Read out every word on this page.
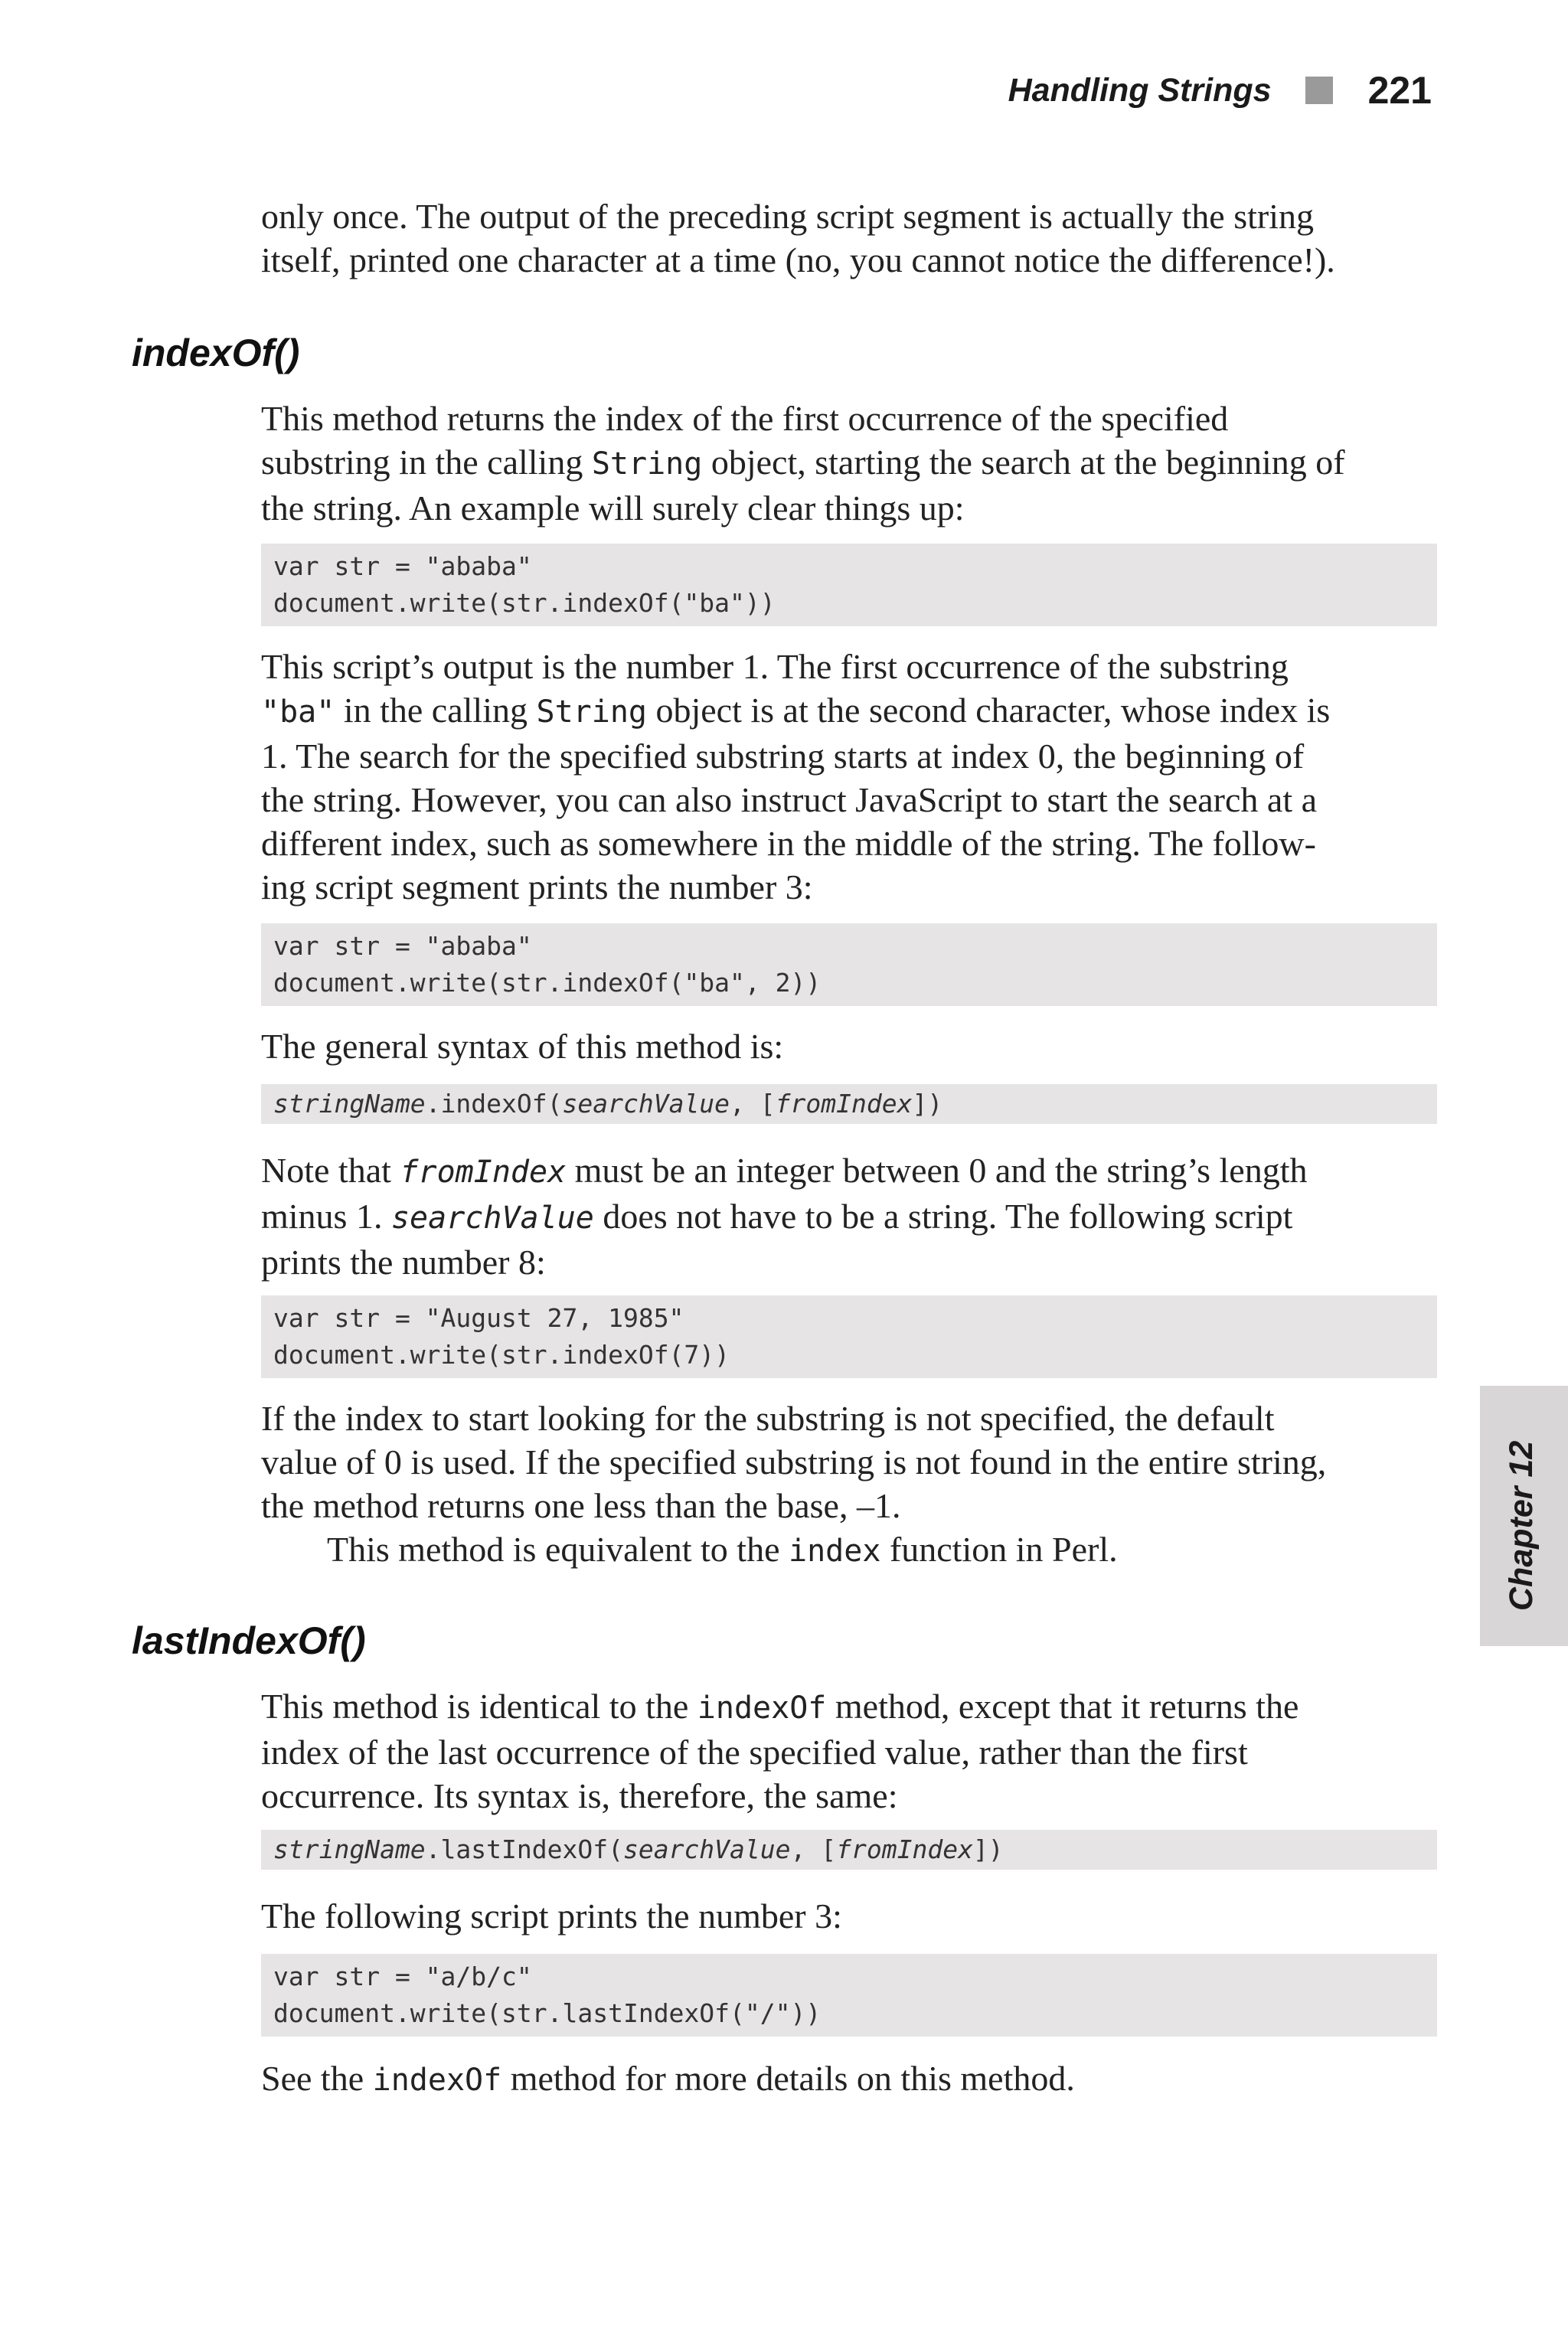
Handling Strings	221

only once. The output of the preceding script segment is actually the string
itself, printed one character at a time (no, you cannot notice the difference!).

indexOf()

This method returns the index of the first occurrence of the specified
substring in the calling String object, starting the search at the beginning of
the string. An example will surely clear things up:

var str = "ababa"
document.write(str.indexOf("ba"))

This script’s output is the number 1. The first occurrence of the substring
"ba" in the calling String object is at the second character, whose index is
1. The search for the specified substring starts at index 0, the beginning of
the string. However, you can also instruct JavaScript to start the search at a
different index, such as somewhere in the middle of the string. The follow-
ing script segment prints the number 3:

var str = "ababa"
document.write(str.indexOf("ba", 2))

The general syntax of this method is:

stringName.indexOf(searchValue, [fromIndex])

Note that fromIndex must be an integer between 0 and the string’s length
minus 1. searchValue does not have to be a string. The following script
prints the number 8:

var str = "August 27, 1985"
document.write(str.indexOf(7))

If the index to start looking for the substring is not specified, the default
value of 0 is used. If the specified substring is not found in the entire string,
the method returns one less than the base, –1.
This method is equivalent to the index function in Perl.

lastIndexOf()

This method is identical to the indexOf method, except that it returns the
index of the last occurrence of the specified value, rather than the first
occurrence. Its syntax is, therefore, the same:

stringName.lastIndexOf(searchValue, [fromIndex])

The following script prints the number 3:

var str = "a/b/c"
document.write(str.lastIndexOf("/"))

See the indexOf method for more details on this method.

Chapter 12
